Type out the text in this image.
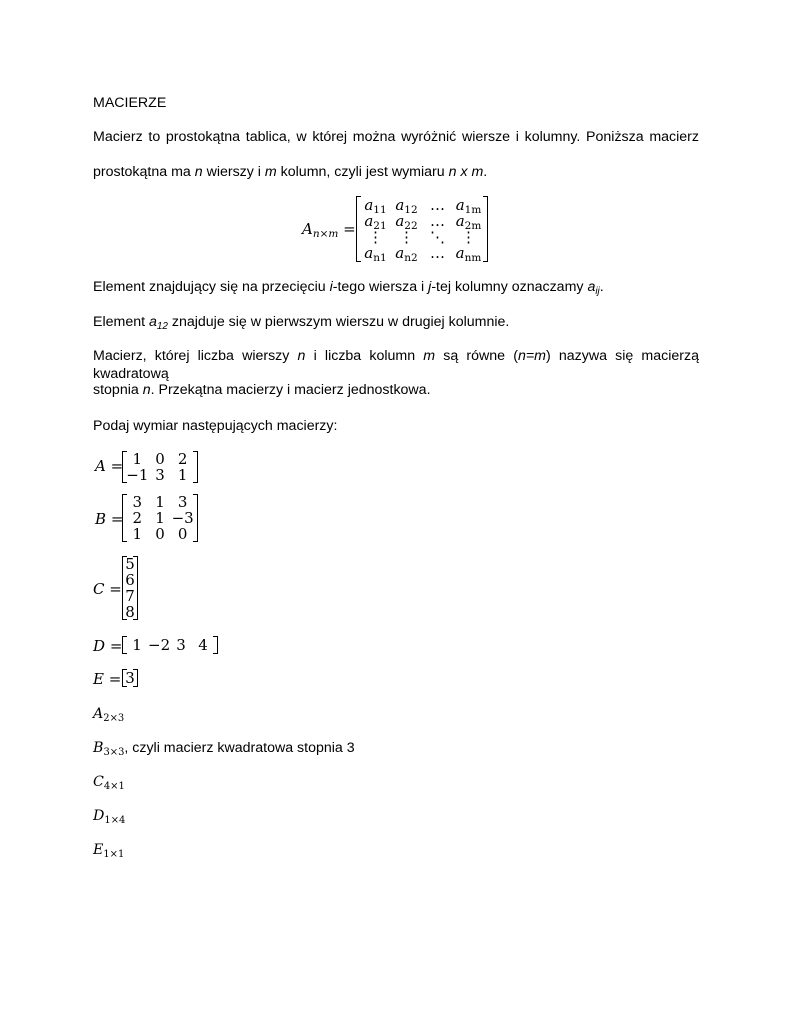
MACIERZE
Macierz to prostokątna tablica, w której można wyróżnić wiersze i kolumny. Poniższa macierz
prostokątna ma n wierszy i m kolumn, czyli jest wymiaru n x m.
$A_{n\times m}$ =
$a_{11}$ $a_{12}$ … $a_{1m}$
$a_{21}$ $a_{22}$ … $a_{2m}$
⋮	⋮	⋱	⋮
$a_{n1}$ $a_{n2}$ … $a_{nm}$
Element znajdujący się na przecięciu i-tego wiersza i j-tej kolumny oznaczamy $a_{ij}$.
Element $a_{12}$ znajduje się w pierwszym wierszu w drugiej kolumnie.
Macierz, której liczba wierszy n i liczba kolumn m są równe (n=m) nazywa się macierzą kwadratową
stopnia n. Przekątna macierzy i macierz jednostkowa.
Podaj wymiar następujących macierzy:
A = 1 0 2
−1 3 1
B =
3 1 3
2 1 −3
1 0 0
C =
5
6
7
8
D = 1 −2 3 4
E = 3
$A_{2\times 3}$
$B_{3\times 3}$, czyli macierz kwadratowa stopnia 3
$C_{4\times 1}$
$D_{1\times 4}$
$E_{1\times 1}$
